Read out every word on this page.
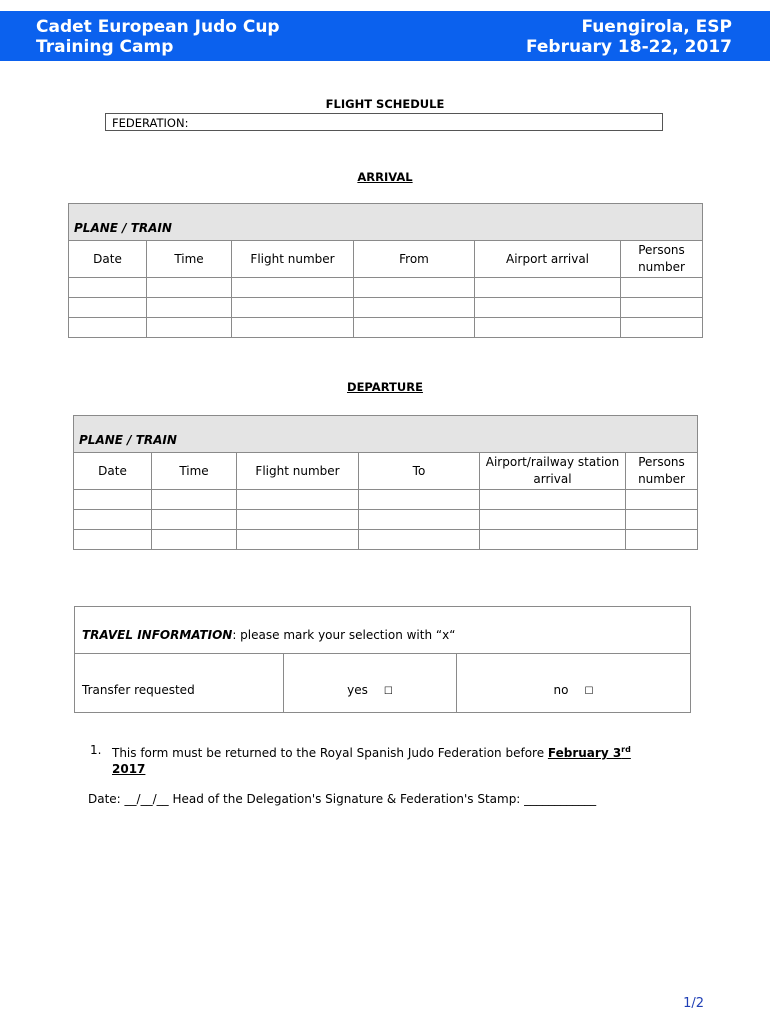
Cadet European Judo Cup
Training Camp
Fuengirola, ESP
February 18-22, 2017
FLIGHT SCHEDULE
FEDERATION:
ARRIVAL
PLANE / TRAIN					
Date	Time	Flight number	From	Airport arrival	Persons number

DEPARTURE
PLANE / TRAIN					
Date	Time	Flight number	To	Airport/railway station arrival	Persons number

TRAVEL INFORMATION: please mark your selection with “x“
Transfer requested	yes ☐	no ☐
1. This form must be returned to the Royal Spanish Judo Federation before February 3rd
2017
Date: __/__/__ Head of the Delegation's Signature & Federation's Stamp: ____________
1/2
